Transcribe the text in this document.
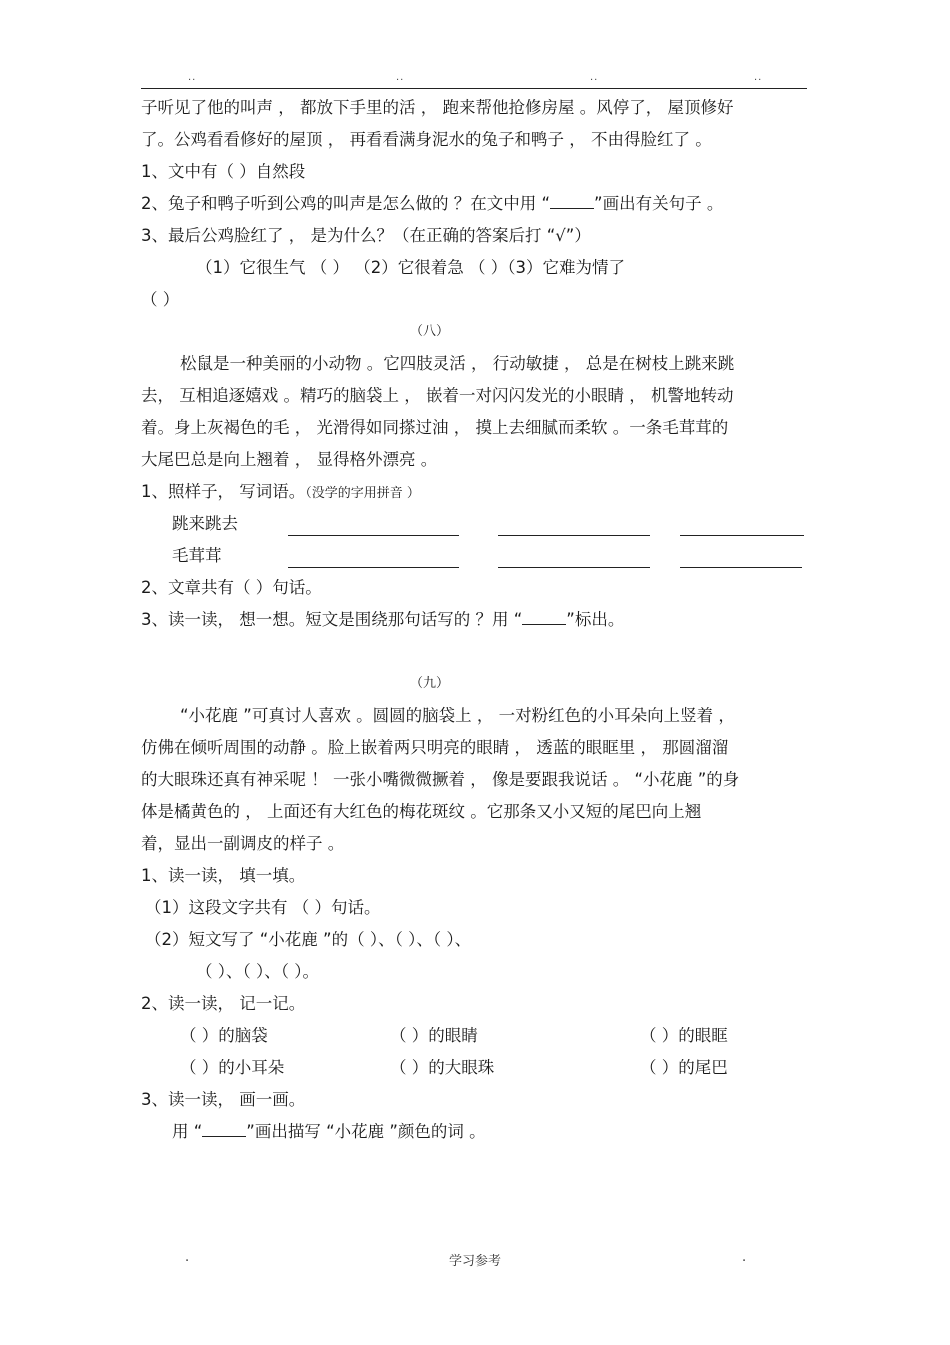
..	..	..	..
子听见了他的叫声 ， 都放下手里的活 ， 跑来帮他抢修房屋 。风停了， 屋顶修好
了。公鸡看看修好的屋顶 ， 再看看满身泥水的兔子和鸭子 ， 不由得脸红了 。
1、文中有（ ）自然段
2、兔子和鸭子听到公鸡的叫声是怎么做的 ？在文中用 “	”画出有关句子 。
3、最后公鸡脸红了 ， 是为什么？（在正确的答案后打 “√”）
（1）它很生气 （ ） （2）它很着急 （ ）（3）它难为情了
（ ）
（八）
松鼠是一种美丽的小动物 。它四肢灵活 ， 行动敏捷 ， 总是在树枝上跳来跳
去， 互相追逐嬉戏 。精巧的脑袋上 ， 嵌着一对闪闪发光的小眼睛 ， 机警地转动
着。身上灰褐色的毛 ， 光滑得如同搽过油 ， 摸上去细腻而柔软 。一条毛茸茸的
大尾巴总是向上翘着 ， 显得格外漂亮 。
1、照样子， 写词语。（没学的字用拼音 ）
跳来跳去
毛茸茸
2、文章共有（ ）句话。
3、读一读， 想一想。短文是围绕那句话写的 ？用 “	”标出。
（九）
“小花鹿 ”可真讨人喜欢 。圆圆的脑袋上 ， 一对粉红色的小耳朵向上竖着 ，
仿佛在倾听周围的动静 。脸上嵌着两只明亮的眼睛 ， 透蓝的眼眶里 ， 那圆溜溜
的大眼珠还真有神采呢 ！ 一张小嘴微微撅着 ， 像是要跟我说话 。 “小花鹿 ”的身
体是橘黄色的 ， 上面还有大红色的梅花斑纹 。它那条又小又短的尾巴向上翘
着，显出一副调皮的样子 。
1、读一读， 填一填。
（1）这段文字共有 （ ）句话。
（2）短文写了 “小花鹿 ”的（ ）、（ ）、（ ）、
（ ）、（ ）、（ ）。
2、读一读， 记一记。
（ ）的脑袋	（ ）的眼睛	（ ）的眼眶
（ ）的小耳朵	（ ）的大眼珠	（ ）的尾巴
3、读一读， 画一画。
用 “	”画出描写 “小花鹿 ”颜色的词 。
.	学习参考	.
